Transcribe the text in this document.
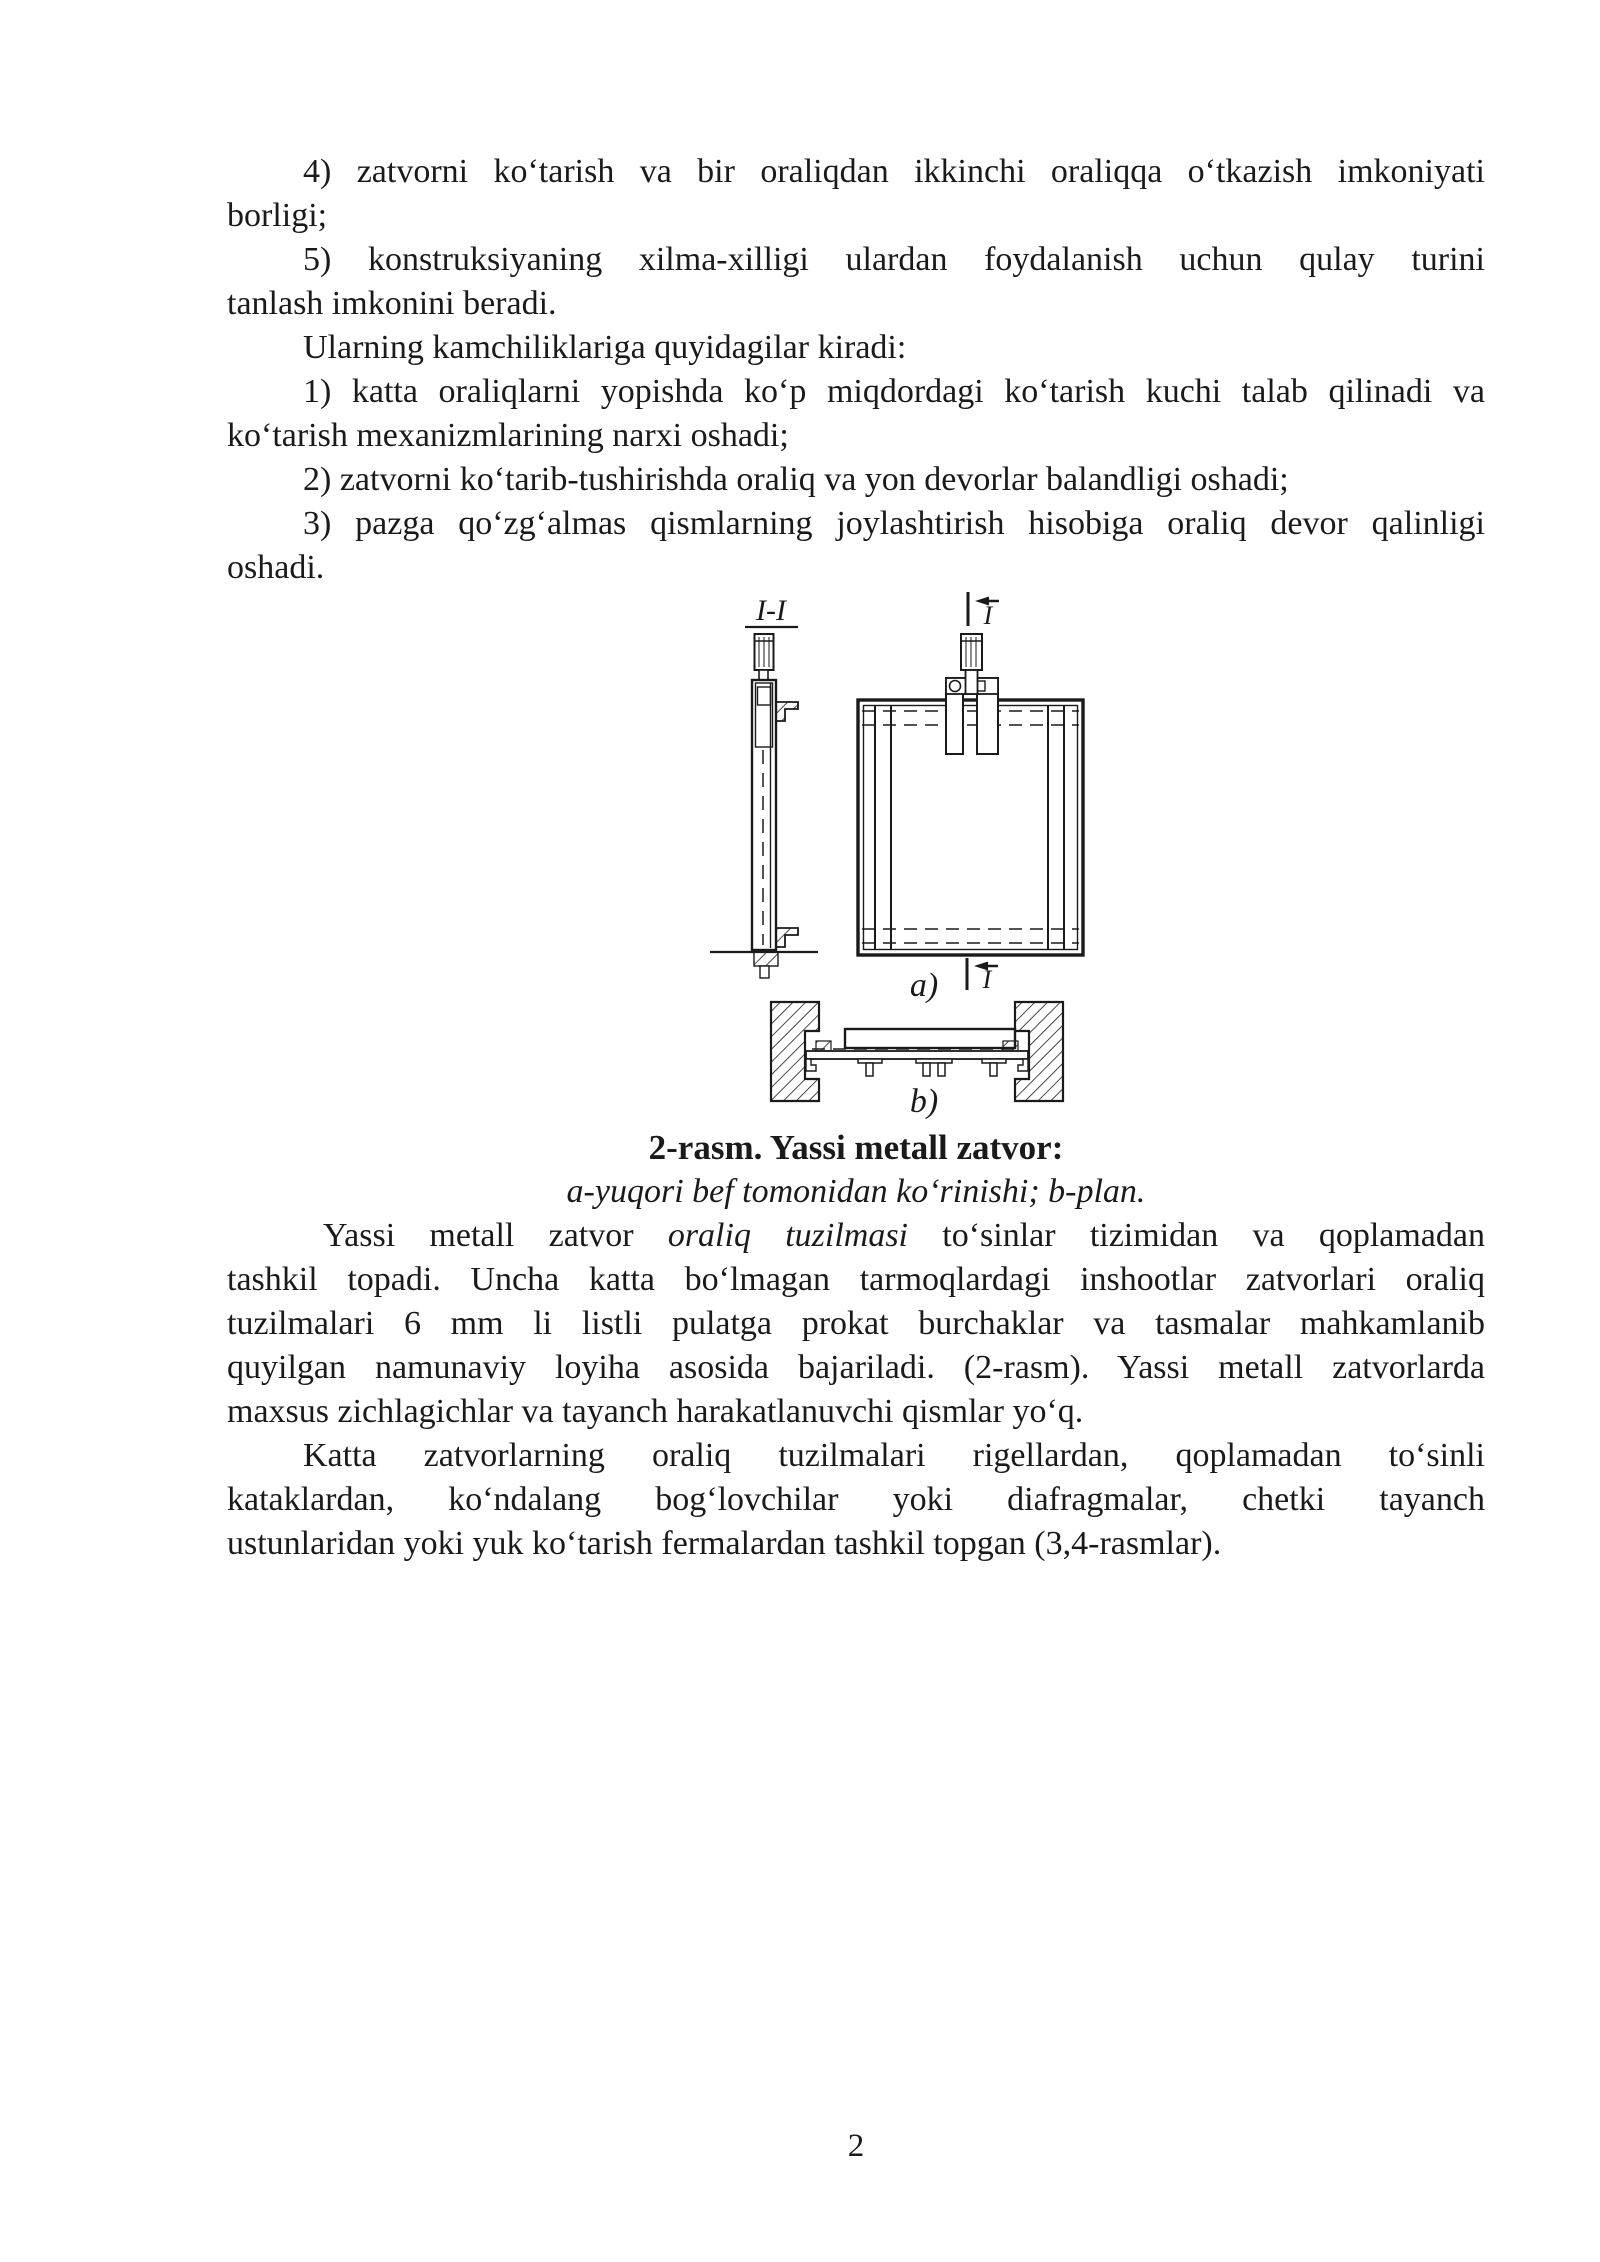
4) zatvorni ko‘tarish va bir oraliqdan ikkinchi oraliqqa o‘tkazish imkoniyati
borligi;
5) konstruksiyaning xilma-xilligi ulardan foydalanish uchun qulay turini
tanlash imkonini beradi.
Ularning kamchiliklariga quyidagilar kiradi:
1) katta oraliqlarni yopishda ko‘p miqdordagi ko‘tarish kuchi talab qilinadi va
ko‘tarish mexanizmlarining narxi oshadi;
2) zatvorni ko‘tarib-tushirishda oraliq va yon devorlar balandligi oshadi;
3) pazga qo‘zg‘almas qismlarning joylashtirish hisobiga oraliq devor qalinligi
oshadi.
I-I	I
I
a)
b)
2-rasm. Yassi metall zatvor:
a-yuqori bef tomonidan ko‘rinishi; b-plan.
Yassi metall zatvor oraliq tuzilmasi to‘sinlar tizimidan va qoplamadan
tashkil topadi. Uncha katta bo‘lmagan tarmoqlardagi inshootlar zatvorlari oraliq
tuzilmalari 6 mm li listli pulatga prokat burchaklar va tasmalar mahkamlanib
quyilgan namunaviy loyiha asosida bajariladi. (2-rasm). Yassi metall zatvorlarda
maxsus zichlagichlar va tayanch harakatlanuvchi qismlar yo‘q.
Katta zatvorlarning oraliq tuzilmalari rigellardan, qoplamadan to‘sinli
kataklardan, ko‘ndalang bog‘lovchilar yoki diafragmalar, chetki tayanch
ustunlaridan yoki yuk ko‘tarish fermalardan tashkil topgan (3,4-rasmlar).
2
